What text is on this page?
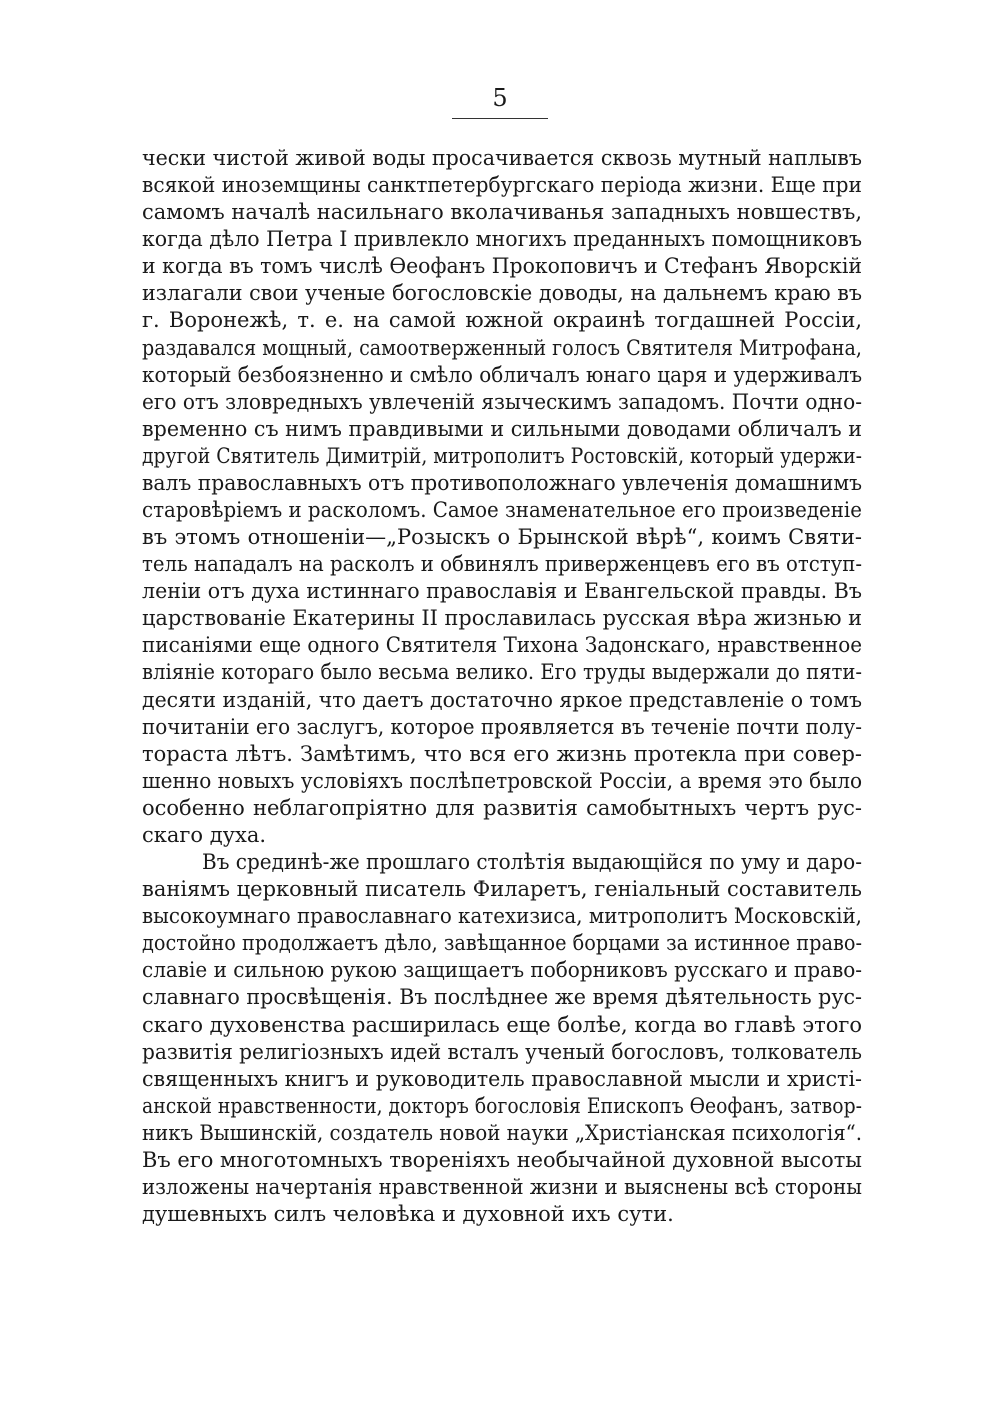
5
чески чистой живой воды просачивается сквозь мутный наплывъ
всякой иноземщины санктпетербургскаго періода жизни. Еще при
самомъ началѣ насильнаго вколачиванья западныхъ новшествъ,
когда дѣло Петра I привлекло многихъ преданныхъ помощниковъ
и когда въ томъ числѣ Ѳеофанъ Прокоповичъ и Стефанъ Яворскій
излагали свои ученые богословскіе доводы, на дальнемъ краю въ
г. Воронежѣ, т. е. на самой южной окраинѣ тогдашней Россіи,
раздавался мощный, самоотверженный голосъ Святителя Митрофана,
который безбоязненно и смѣло обличалъ юнаго царя и удерживалъ
его отъ зловредныхъ увлеченій языческимъ западомъ. Почти одно-
временно съ нимъ правдивыми и сильными доводами обличалъ и
другой Святитель Димитрій, митрополитъ Ростовскій, который удержи-
валъ православныхъ отъ противоположнаго увлеченія домашнимъ
старовѣріемъ и расколомъ. Самое знаменательное его произведеніе
въ этомъ отношеніи—„Розыскъ о Брынской вѣрѣ“, коимъ Святи-
тель нападалъ на расколъ и обвинялъ приверженцевъ его въ отступ-
леніи отъ духа истиннаго православія и Евангельской правды. Въ
царствованіе Екатерины II прославилась русская вѣра жизнью и
писаніями еще одного Святителя Тихона Задонскаго, нравственное
вліяніе котораго было весьма велико. Его труды выдержали до пяти-
десяти изданій, что даетъ достаточно яркое представленіе о томъ
почитаніи его заслугъ, которое проявляется въ теченіе почти полу-
тораста лѣтъ. Замѣтимъ, что вся его жизнь протекла при совер-
шенно новыхъ условіяхъ послѣпетровской Россіи, а время это было
особенно неблагопріятно для развитія самобытныхъ чертъ рус-
скаго духа.
Въ срединѣ-же прошлаго столѣтія выдающійся по уму и даро-
ваніямъ церковный писатель Филаретъ, геніальный составитель
высокоумнаго православнаго катехизиса, митрополитъ Московскій,
достойно продолжаетъ дѣло, завѣщанное борцами за истинное право-
славіе и сильною рукою защищаетъ поборниковъ русскаго и право-
славнаго просвѣщенія. Въ послѣднее же время дѣятельность рус-
скаго духовенства расширилась еще болѣе, когда во главѣ этого
развитія религіозныхъ идей всталъ ученый богословъ, толкователь
священныхъ книгъ и руководитель православной мысли и христі-
анской нравственности, докторъ богословія Епископъ Ѳеофанъ, затвор-
никъ Вышинскій, создатель новой науки „Христіанская психологія“.
Въ его многотомныхъ твореніяхъ необычайной духовной высоты
изложены начертанія нравственной жизни и выяснены всѣ стороны
душевныхъ силъ человѣка и духовной ихъ сути.
